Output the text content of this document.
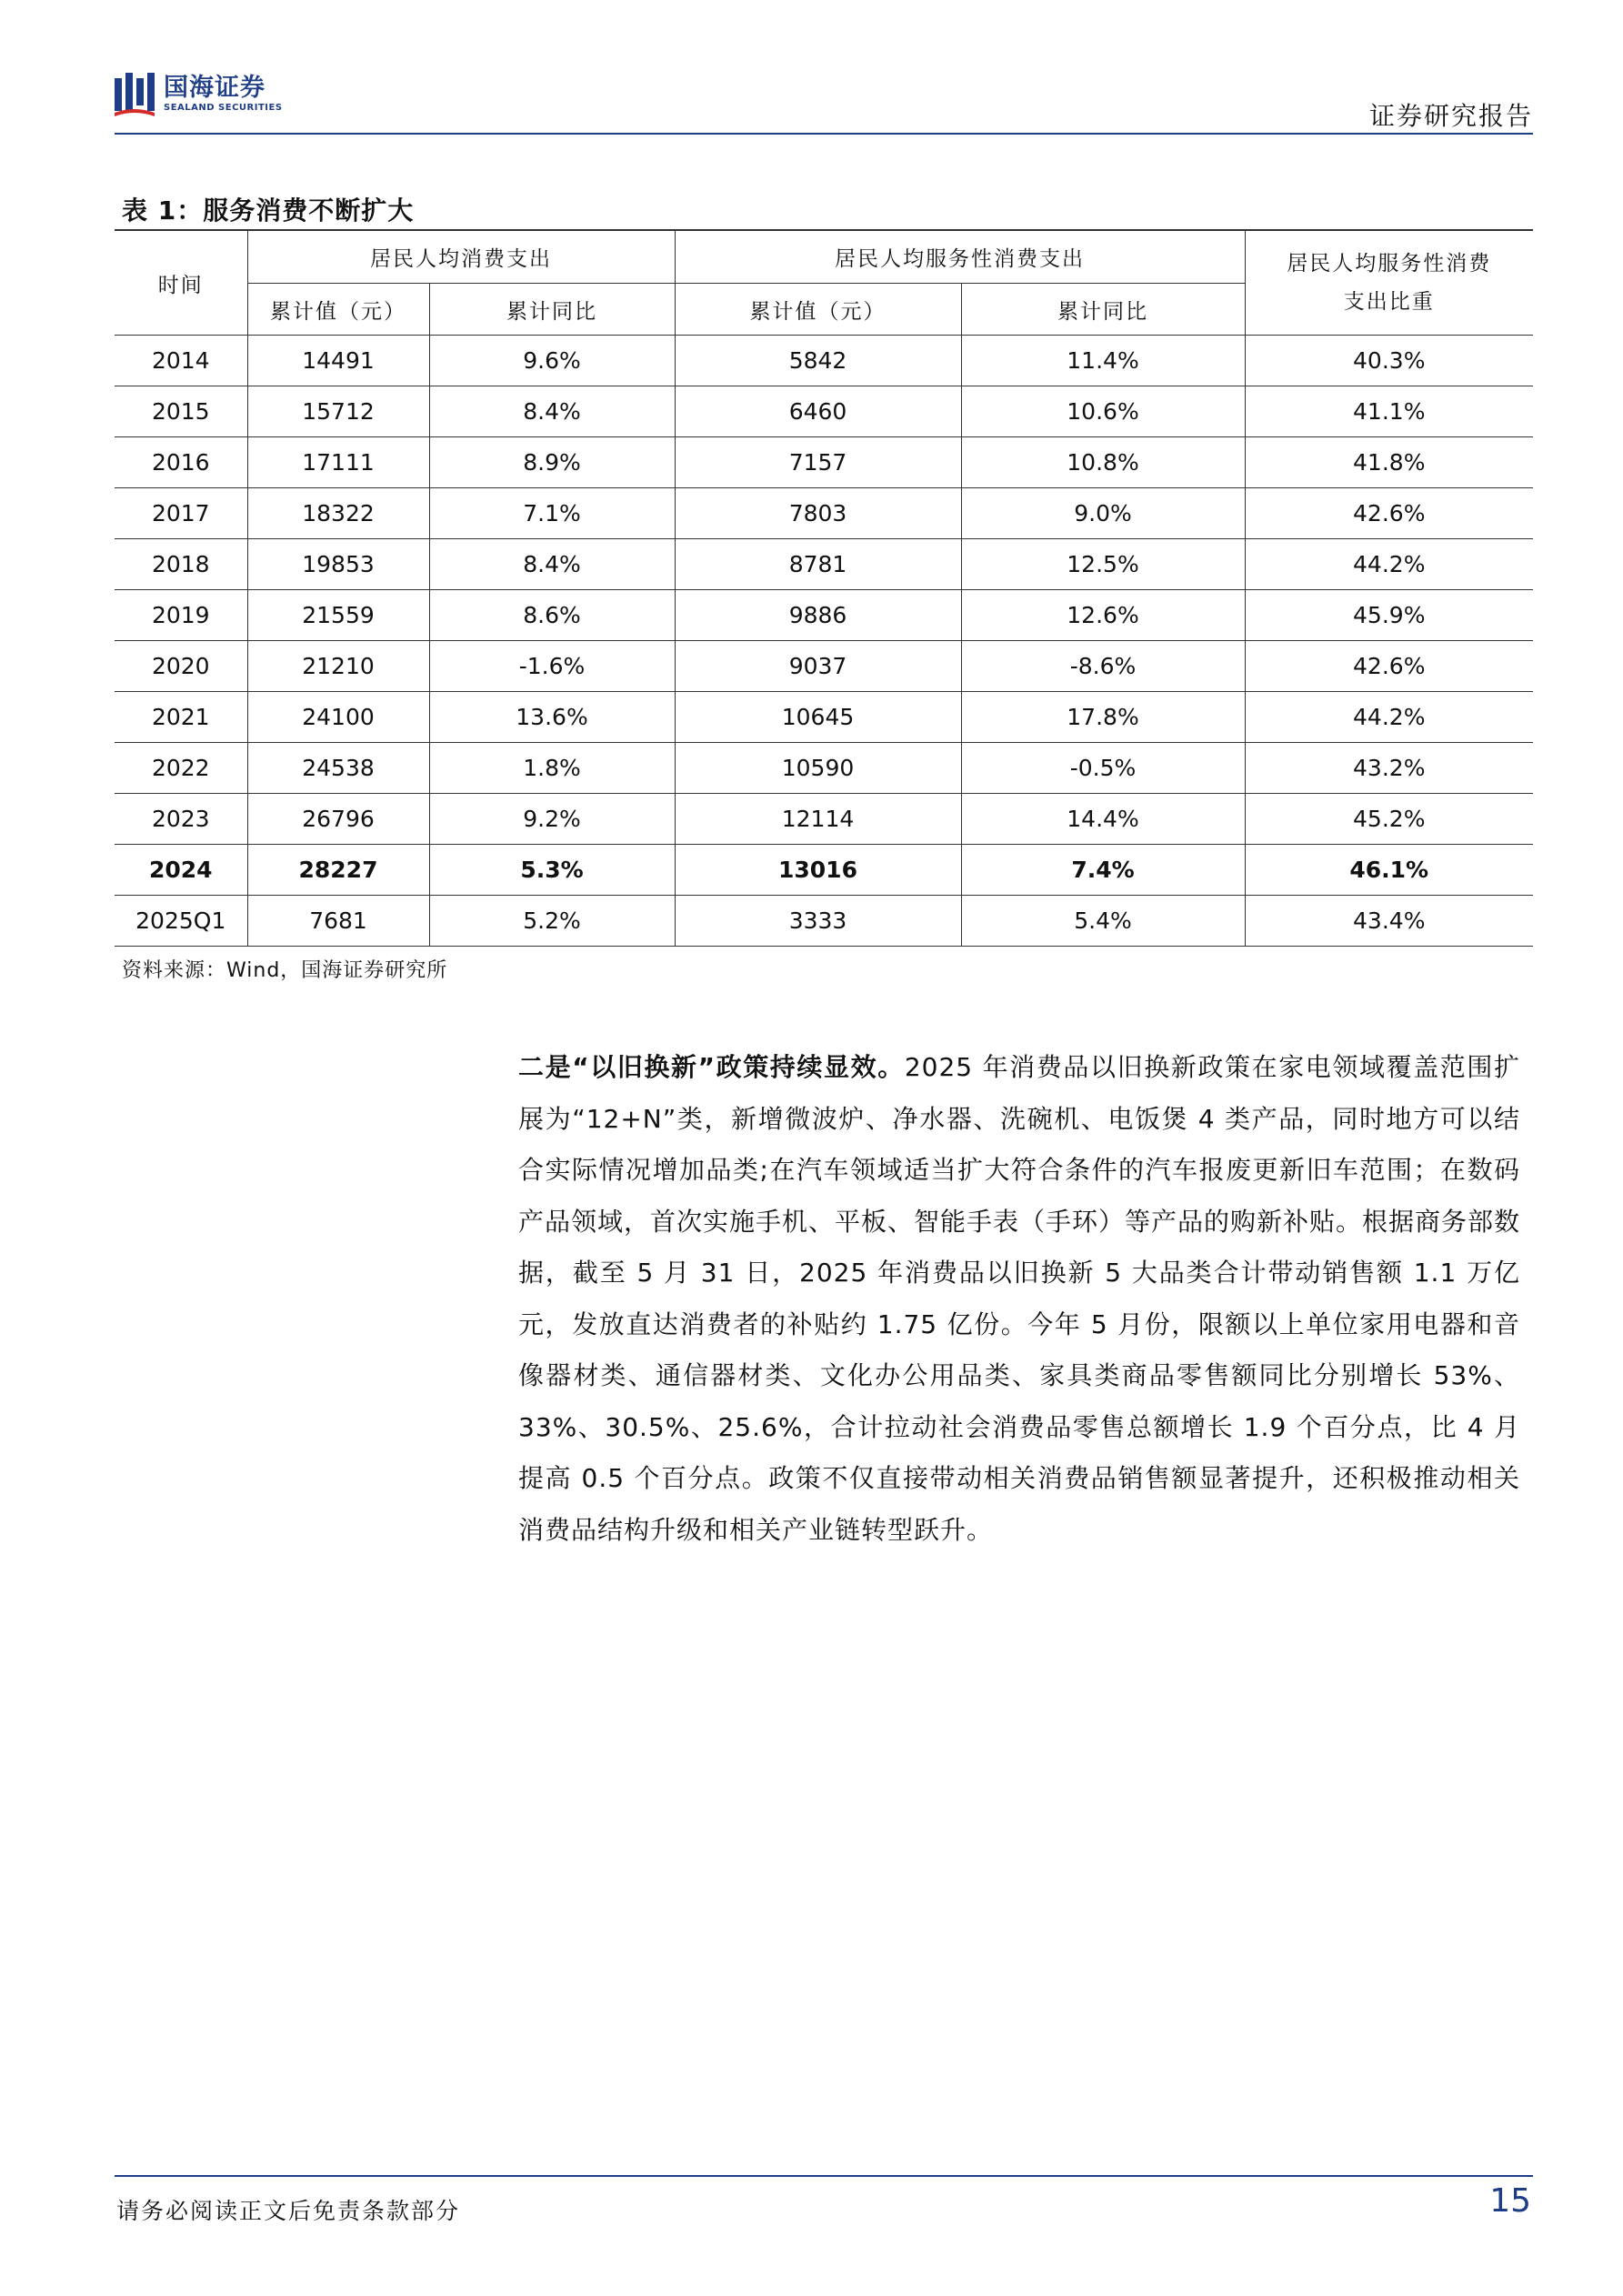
国海证券
SEALAND SECURITIES	证券研究报告
表 1：服务消费不断扩大
时间	居民人均消费支出		居民人均服务性消费支出		居民人均服务性消费
支出比重
	累计值（元）	累计同比	累计值（元）	累计同比	
2014	14491	9.6%	5842	11.4%	40.3%
2015	15712	8.4%	6460	10.6%	41.1%
2016	17111	8.9%	7157	10.8%	41.8%
2017	18322	7.1%	7803	9.0%	42.6%
2018	19853	8.4%	8781	12.5%	44.2%
2019	21559	8.6%	9886	12.6%	45.9%
2020	21210	-1.6%	9037	-8.6%	42.6%
2021	24100	13.6%	10645	17.8%	44.2%
2022	24538	1.8%	10590	-0.5%	43.2%
2023	26796	9.2%	12114	14.4%	45.2%
2024	28227	5.3%	13016	7.4%	46.1%
2025Q1	7681	5.2%	3333	5.4%	43.4%
资料来源：Wind，国海证券研究所
二是“以旧换新”政策持续显效。2025 年消费品以旧换新政策在家电领域覆盖范围扩展为“12+N”类，新增微波炉、净水器、洗碗机、电饭煲 4 类产品，同时地方可以结合实际情况增加品类;在汽车领域适当扩大符合条件的汽车报废更新旧车范围；在数码产品领域，首次实施手机、平板、智能手表（手环）等产品的购新补贴。根据商务部数据，截至 5 月 31 日，2025 年消费品以旧换新 5 大品类合计带动销售额 1.1 万亿元，发放直达消费者的补贴约 1.75 亿份。今年 5 月份，限额以上单位家用电器和音像器材类、通信器材类、文化办公用品类、家具类商品零售额同比分别增长 53%、33%、30.5%、25.6%，合计拉动社会消费品零售总额增长 1.9 个百分点，比 4 月提高 0.5 个百分点。政策不仅直接带动相关消费品销售额显著提升，还积极推动相关消费品结构升级和相关产业链转型跃升。
请务必阅读正文后免责条款部分	15
